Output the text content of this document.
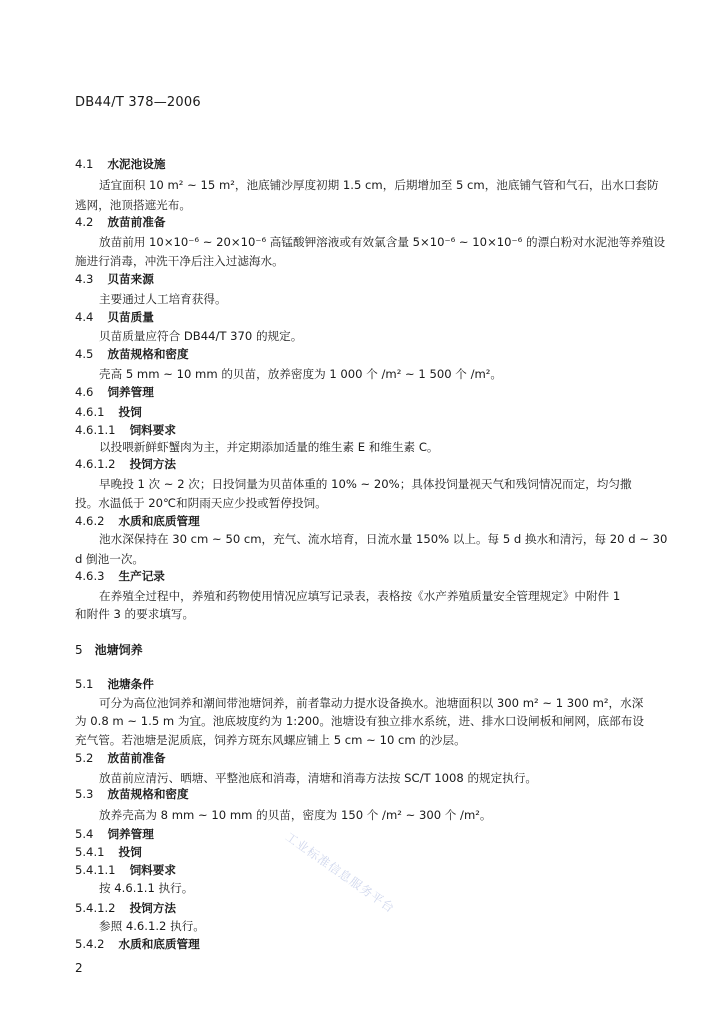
DB44/T 378—2006
4.1 水泥池设施
适宜面积 10 m² ~ 15 m²，池底铺沙厚度初期 1.5 cm，后期增加至 5 cm，池底铺气管和气石，出水口套防
逃网，池顶搭遮光布。
4.2 放苗前准备
放苗前用 10×10⁻⁶ ~ 20×10⁻⁶ 高锰酸钾溶液或有效氯含量 5×10⁻⁶ ~ 10×10⁻⁶ 的漂白粉对水泥池等养殖设
施进行消毒，冲洗干净后注入过滤海水。
4.3 贝苗来源
主要通过人工培育获得。
4.4 贝苗质量
贝苗质量应符合 DB44/T 370 的规定。
4.5 放苗规格和密度
壳高 5 mm ~ 10 mm 的贝苗，放养密度为 1 000 个 /m² ~ 1 500 个 /m²。
4.6 饲养管理
4.6.1 投饲
4.6.1.1 饲料要求
以投喂新鲜虾蟹肉为主，并定期添加适量的维生素 E 和维生素 C。
4.6.1.2 投饲方法
早晚投 1 次 ~ 2 次；日投饲量为贝苗体重的 10% ~ 20%；具体投饲量视天气和残饲情况而定，均匀撒
投。水温低于 20℃和阴雨天应少投或暂停投饲。
4.6.2 水质和底质管理
池水深保持在 30 cm ~ 50 cm，充气、流水培育，日流水量 150% 以上。每 5 d 换水和清污，每 20 d ~ 30
d 倒池一次。
4.6.3 生产记录
在养殖全过程中，养殖和药物使用情况应填写记录表，表格按《水产养殖质量安全管理规定》中附件 1
和附件 3 的要求填写。
5 池塘饲养
5.1 池塘条件
可分为高位池饲养和潮间带池塘饲养，前者靠动力提水设备换水。池塘面积以 300 m² ~ 1 300 m²，水深
为 0.8 m ~ 1.5 m 为宜。池底坡度约为 1:200。池塘设有独立排水系统，进、排水口设闸板和闸网，底部布设
充气管。若池塘是泥质底，饲养方斑东风螺应铺上 5 cm ~ 10 cm 的沙层。
5.2 放苗前准备
放苗前应清污、晒塘、平整池底和消毒，清塘和消毒方法按 SC/T 1008 的规定执行。
5.3 放苗规格和密度
放养壳高为 8 mm ~ 10 mm 的贝苗，密度为 150 个 /m² ~ 300 个 /m²。
5.4 饲养管理
5.4.1 投饲
5.4.1.1 饲料要求
按 4.6.1.1 执行。
5.4.1.2 投饲方法
参照 4.6.1.2 执行。
5.4.2 水质和底质管理
工业标准信息服务平台
2
